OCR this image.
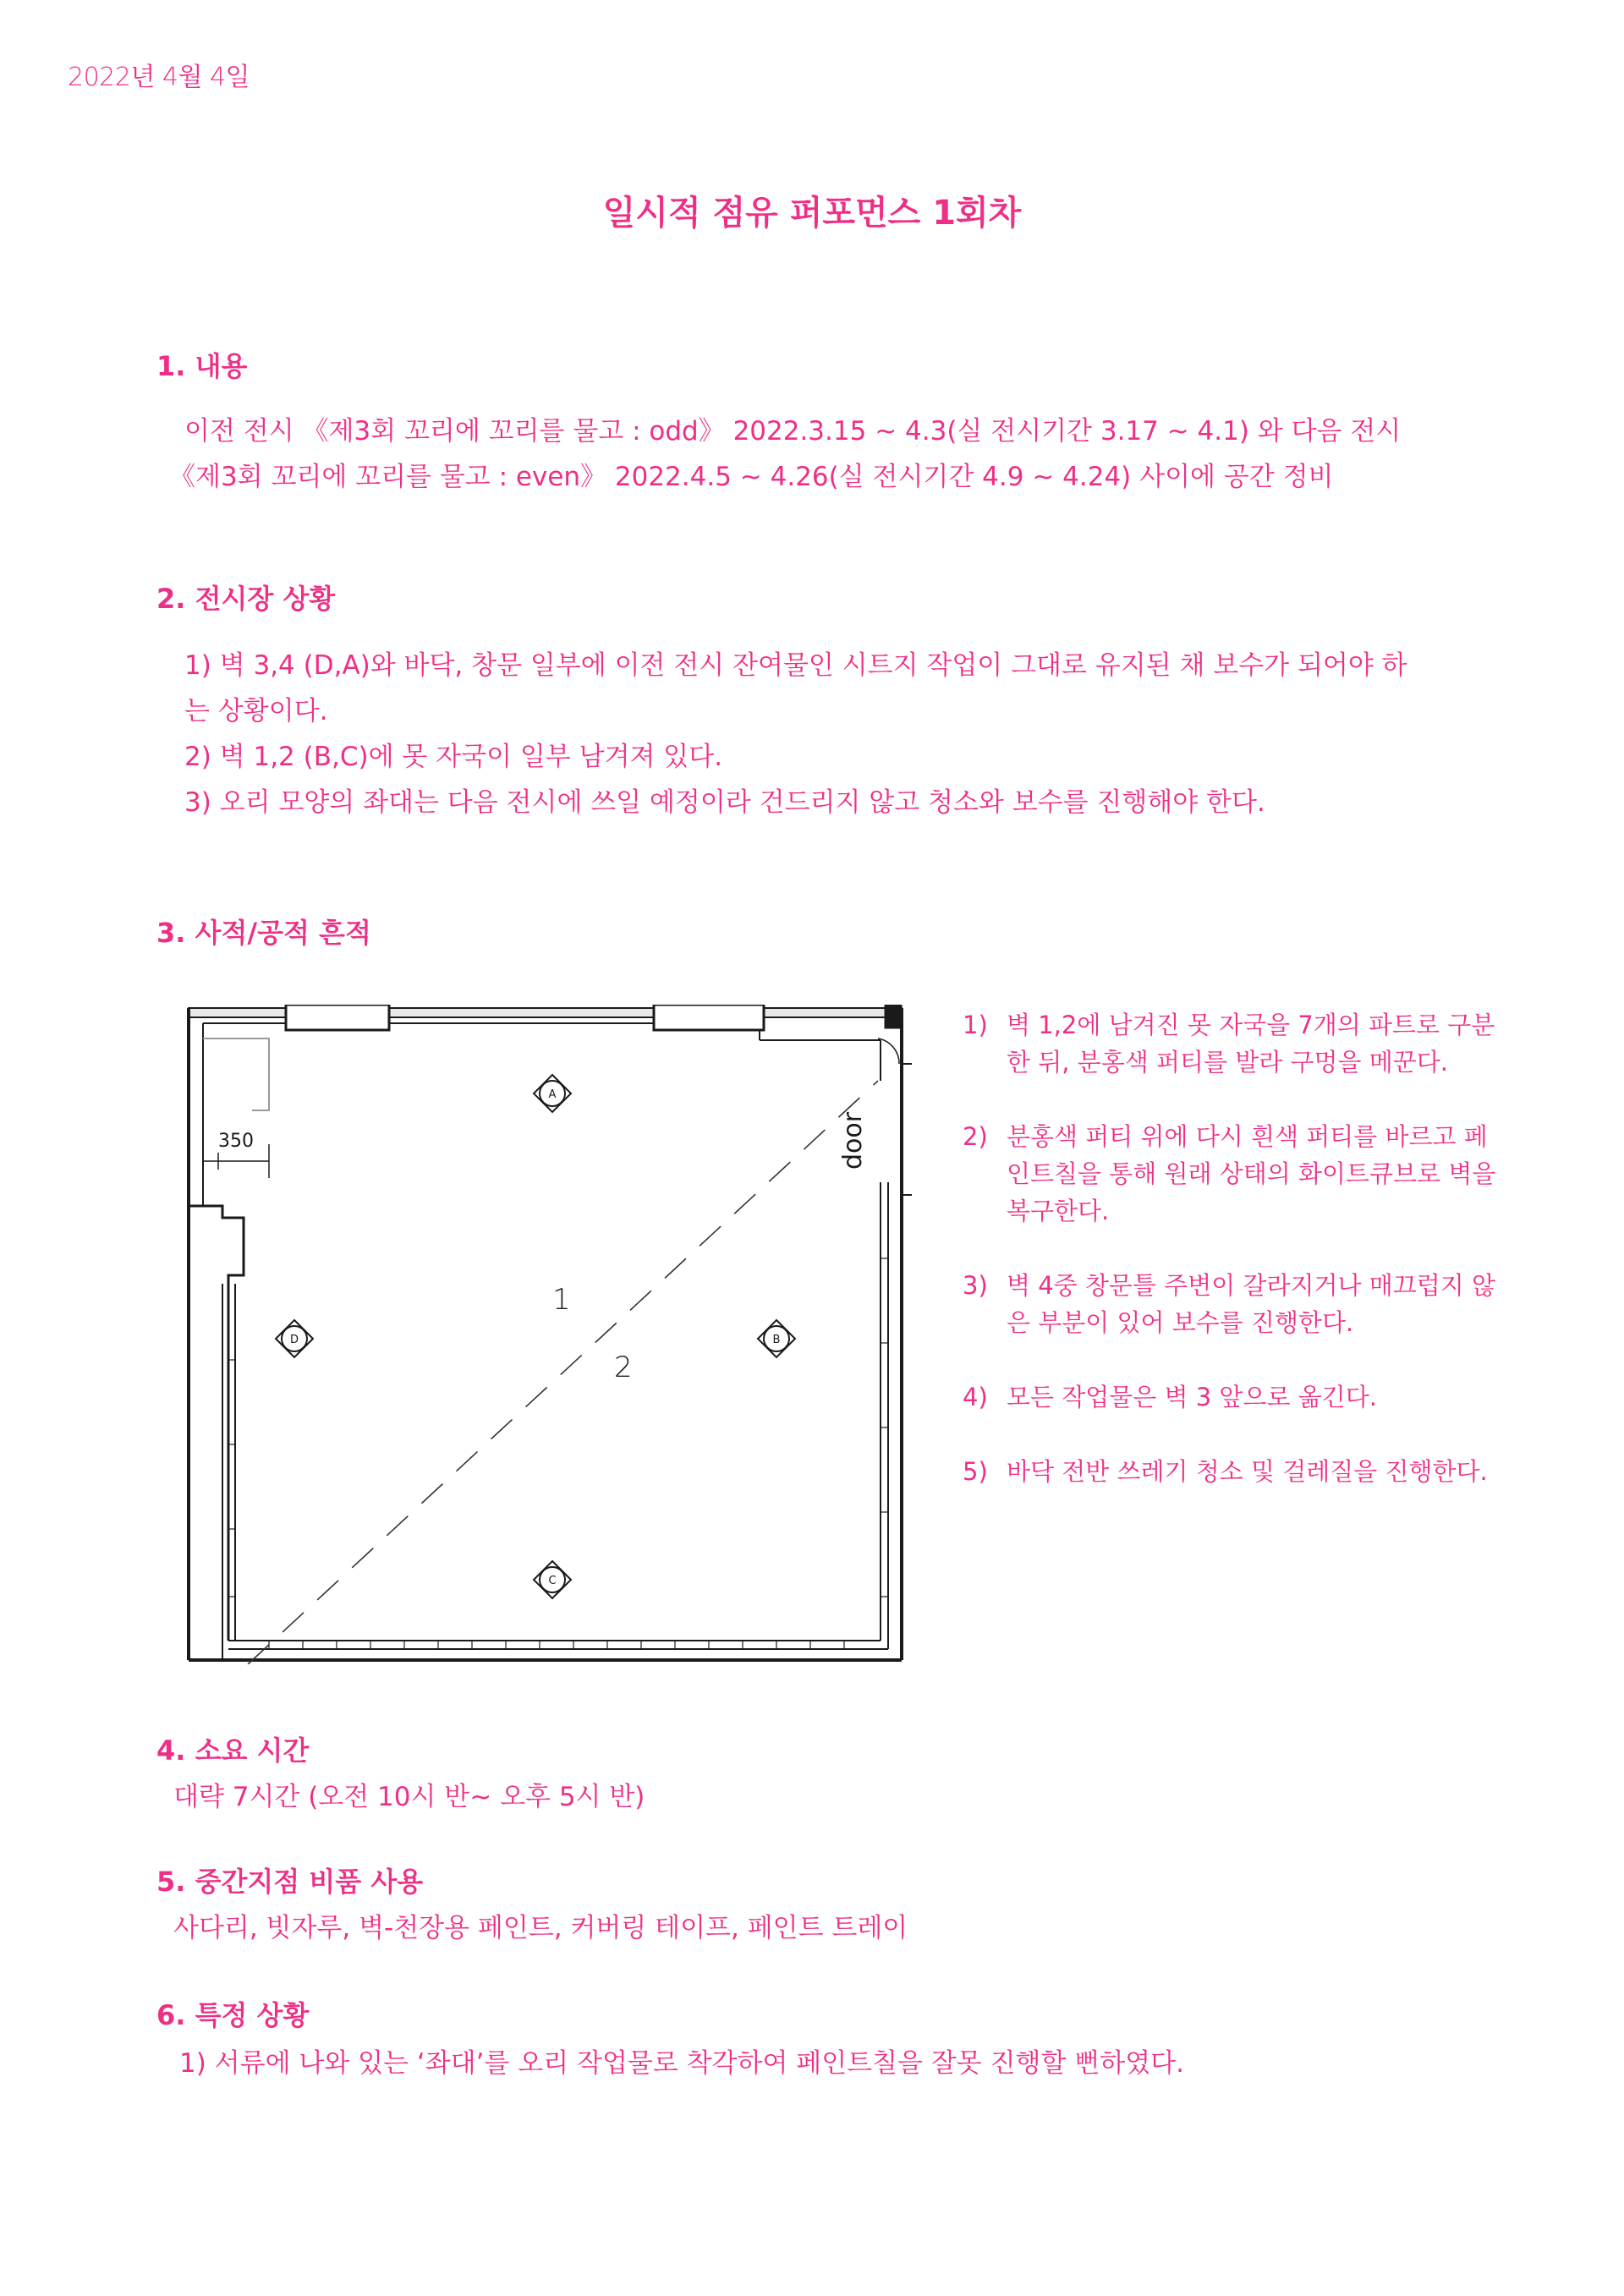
2022년 4월 4일
일시적 점유 퍼포먼스 1회차
1. 내용
이전 전시 《제3회 꼬리에 꼬리를 물고 : odd》 2022.3.15 ~ 4.3(실 전시기간 3.17 ~ 4.1) 와 다음 전시
《제3회 꼬리에 꼬리를 물고 : even》 2022.4.5 ~ 4.26(실 전시기간 4.9 ~ 4.24) 사이에 공간 정비
2. 전시장 상황
1) 벽 3,4 (D,A)와 바닥, 창문 일부에 이전 전시 잔여물인 시트지 작업이 그대로 유지된 채 보수가 되어야 하
는 상황이다.
2) 벽 1,2 (B,C)에 못 자국이 일부 남겨져 있다.
3) 오리 모양의 좌대는 다음 전시에 쓰일 예정이라 건드리지 않고 청소와 보수를 진행해야 한다.
3. 사적/공적 흔적
A
B
C
D
350
1
2
door
1) 벽 1,2에 남겨진 못 자국을 7개의 파트로 구분한 뒤, 분홍색 퍼티를 발라 구멍을 메꾼다.
2) 분홍색 퍼티 위에 다시 흰색 퍼티를 바르고 페인트칠을 통해 원래 상태의 화이트큐브로 벽을 복구한다.
3) 벽 4중 창문틀 주변이 갈라지거나 매끄럽지 않은 부분이 있어 보수를 진행한다.
4) 모든 작업물은 벽 3 앞으로 옮긴다.
5) 바닥 전반 쓰레기 청소 및 걸레질을 진행한다.
4. 소요 시간
대략 7시간 (오전 10시 반~ 오후 5시 반)
5. 중간지점 비품 사용
사다리, 빗자루, 벽-천장용 페인트, 커버링 테이프, 페인트 트레이
6. 특정 상황
1) 서류에 나와 있는 ‘좌대’를 오리 작업물로 착각하여 페인트칠을 잘못 진행할 뻔하였다.
